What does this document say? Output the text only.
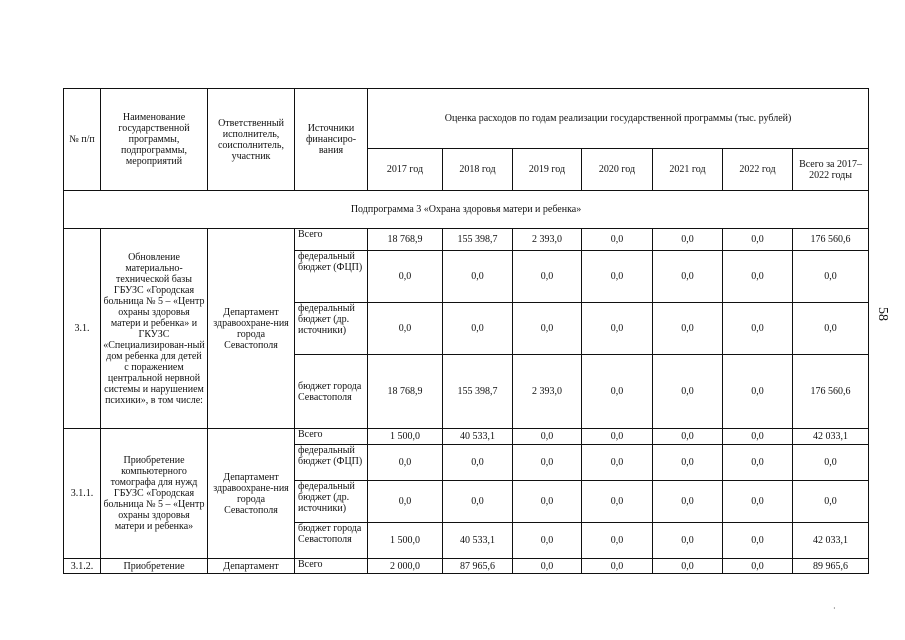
№ п/п	Наименование государственной программы, подпрограммы, мероприятий	Ответственный исполнитель, соисполнитель, участник	Источники финансиро-вания	Оценка расходов по годам реализации государственной программы (тыс. рублей)						
				2017 год	2018 год	2019 год	2020 год	2021 год	2022 год	Всего за 2017–2022 годы
Подпрограмма 3 «Охрана здоровья матери и ребенка»										
3.1.	Обновление материально-технической базы ГБУЗС «Городская больница № 5 – «Центр охраны здоровья матери и ребенка» и ГКУЗС «Специализирован-ный дом ребенка для детей с поражением центральной нервной системы и нарушением психики», в том числе:	Департамент здравоохране-ния города Севастополя	Всего	18 768,9	155 398,7	2 393,0	0,0	0,0	0,0	176 560,6
			федеральный бюджет (ФЦП)	0,0	0,0	0,0	0,0	0,0	0,0	0,0
			федеральный бюджет (др. источники)	0,0	0,0	0,0	0,0	0,0	0,0	0,0
			бюджет города Севастополя	18 768,9	155 398,7	2 393,0	0,0	0,0	0,0	176 560,6
3.1.1.	Приобретение компьютерного томографа для нужд ГБУЗС «Городская больница № 5 – «Центр охраны здоровья матери и ребенка»	Департамент здравоохране-ния города Севастополя	Всего	1 500,0	40 533,1	0,0	0,0	0,0	0,0	42 033,1
			федеральный бюджет (ФЦП)	0,0	0,0	0,0	0,0	0,0	0,0	0,0
			федеральный бюджет (др. источники)	0,0	0,0	0,0	0,0	0,0	0,0	0,0
			бюджет города Севастополя	1 500,0	40 533,1	0,0	0,0	0,0	0,0	42 033,1
3.1.2.	Приобретение	Департамент	Всего	2 000,0	87 965,6	0,0	0,0	0,0	0,0	89 965,6
58
·
